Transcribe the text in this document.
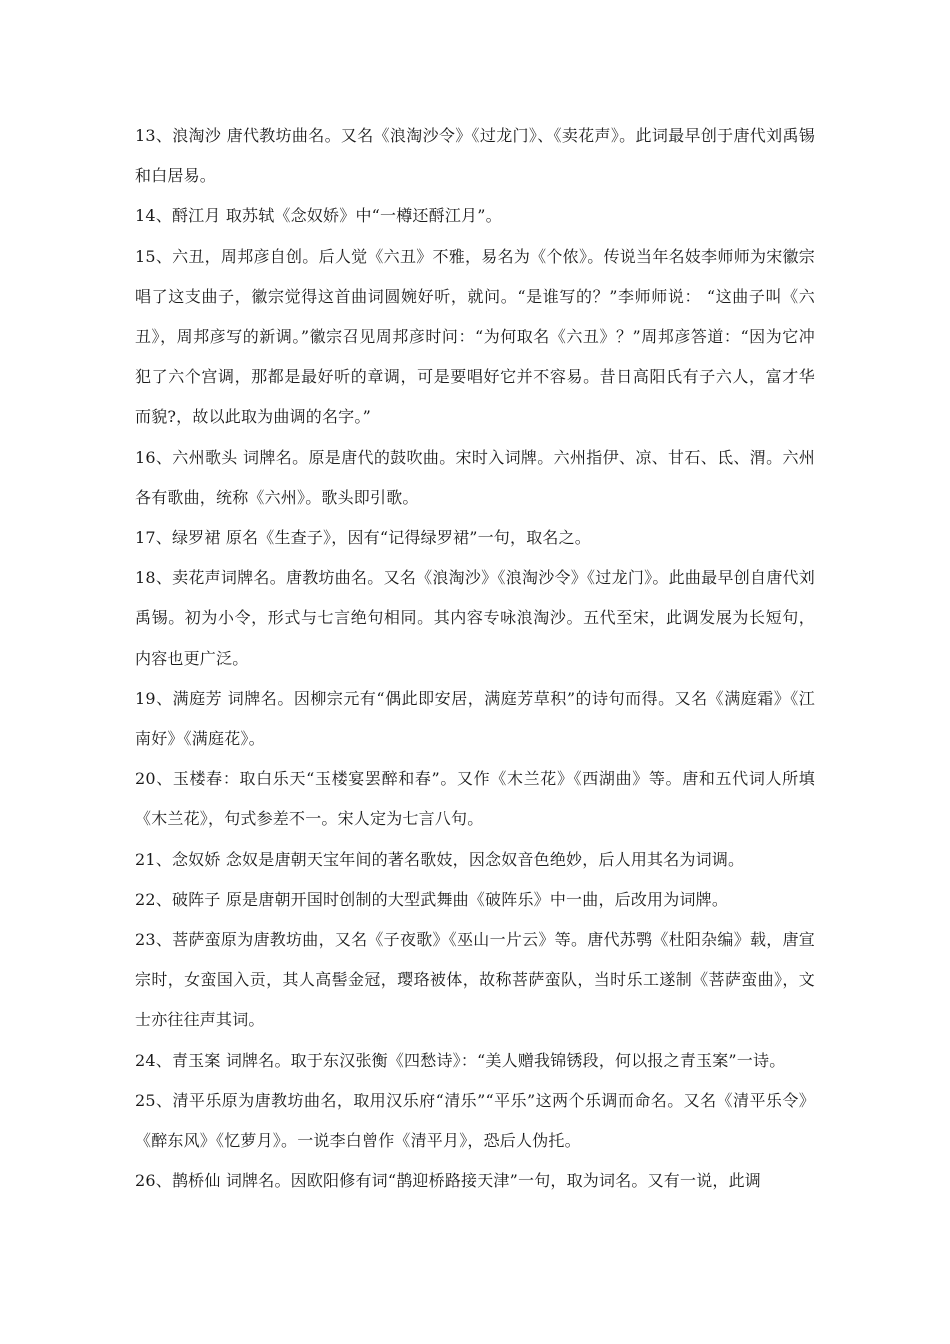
13、浪淘沙 唐代教坊曲名。又名《浪淘沙令》《过龙门》、《卖花声》。此词最早创于唐代刘禹锡和白居易。

14、酹江月 取苏轼《念奴娇》中“一樽还酹江月”。

15、六丑，周邦彦自创。后人觉《六丑》不雅，易名为《个侬》。传说当年名妓李师师为宋徽宗唱了这支曲子，徽宗觉得这首曲词圆婉好听，就问。“是谁写的？”李师师说： “这曲子叫《六丑》，周邦彦写的新调。”徽宗召见周邦彦时问：“为何取名《六丑》？”周邦彦答道：“因为它冲犯了六个宫调，那都是最好听的章调，可是要唱好它并不容易。昔日高阳氏有子六人，富才华而貌?，故以此取为曲调的名字。”

16、六州歌头 词牌名。原是唐代的鼓吹曲。宋时入词牌。六州指伊、凉、甘石、氐、渭。六州各有歌曲，统称《六州》。歌头即引歌。

17、绿罗裙 原名《生查子》，因有“记得绿罗裙”一句，取名之。

18、卖花声词牌名。唐教坊曲名。又名《浪淘沙》《浪淘沙令》《过龙门》。此曲最早创自唐代刘禹锡。初为小令，形式与七言绝句相同。其内容专咏浪淘沙。五代至宋，此调发展为长短句，内容也更广泛。

19、满庭芳 词牌名。因柳宗元有“偶此即安居，满庭芳草积”的诗句而得。又名《满庭霜》《江南好》《满庭花》。

20、玉楼春：取白乐天“玉楼宴罢醉和春”。又作《木兰花》《西湖曲》等。唐和五代词人所填《木兰花》，句式参差不一。宋人定为七言八句。

21、念奴娇 念奴是唐朝天宝年间的著名歌妓，因念奴音色绝妙，后人用其名为词调。

22、破阵子 原是唐朝开国时创制的大型武舞曲《破阵乐》中一曲，后改用为词牌。

23、菩萨蛮原为唐教坊曲，又名《子夜歌》《巫山一片云》等。唐代苏鹗《杜阳杂编》载，唐宣宗时，女蛮国入贡，其人高髻金冠，璎珞被体，故称菩萨蛮队，当时乐工遂制《菩萨蛮曲》，文士亦往往声其词。

24、青玉案 词牌名。取于东汉张衡《四愁诗》：“美人赠我锦锈段，何以报之青玉案”一诗。

25、清平乐原为唐教坊曲名，取用汉乐府“清乐”“平乐”这两个乐调而命名。又名《清平乐令》《醉东风》《忆萝月》。一说李白曾作《清平月》，恐后人伪托。

26、鹊桥仙 词牌名。因欧阳修有词“鹊迎桥路接天津”一句，取为词名。又有一说，此调
